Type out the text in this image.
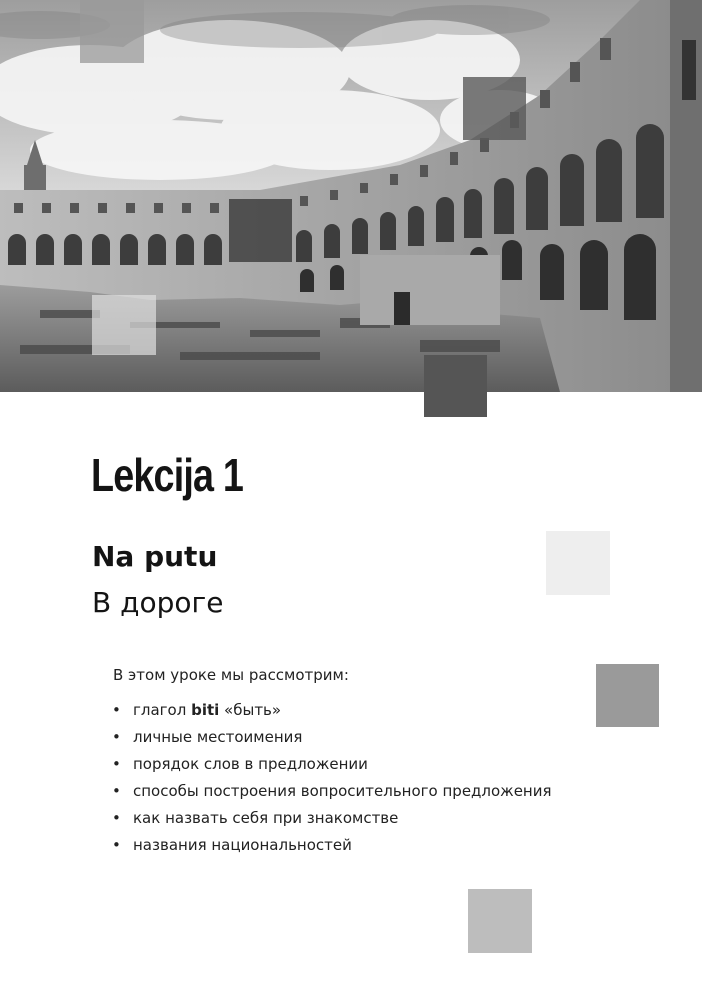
Lekcija 1
Na putu
В дороге

В этом уроке мы рассмотрим:

• глагол biti «быть»
• личные местоимения
• порядок слов в предложении
• способы построения вопросительного предложения
• как назвать себя при знакомстве
• названия национальностей
